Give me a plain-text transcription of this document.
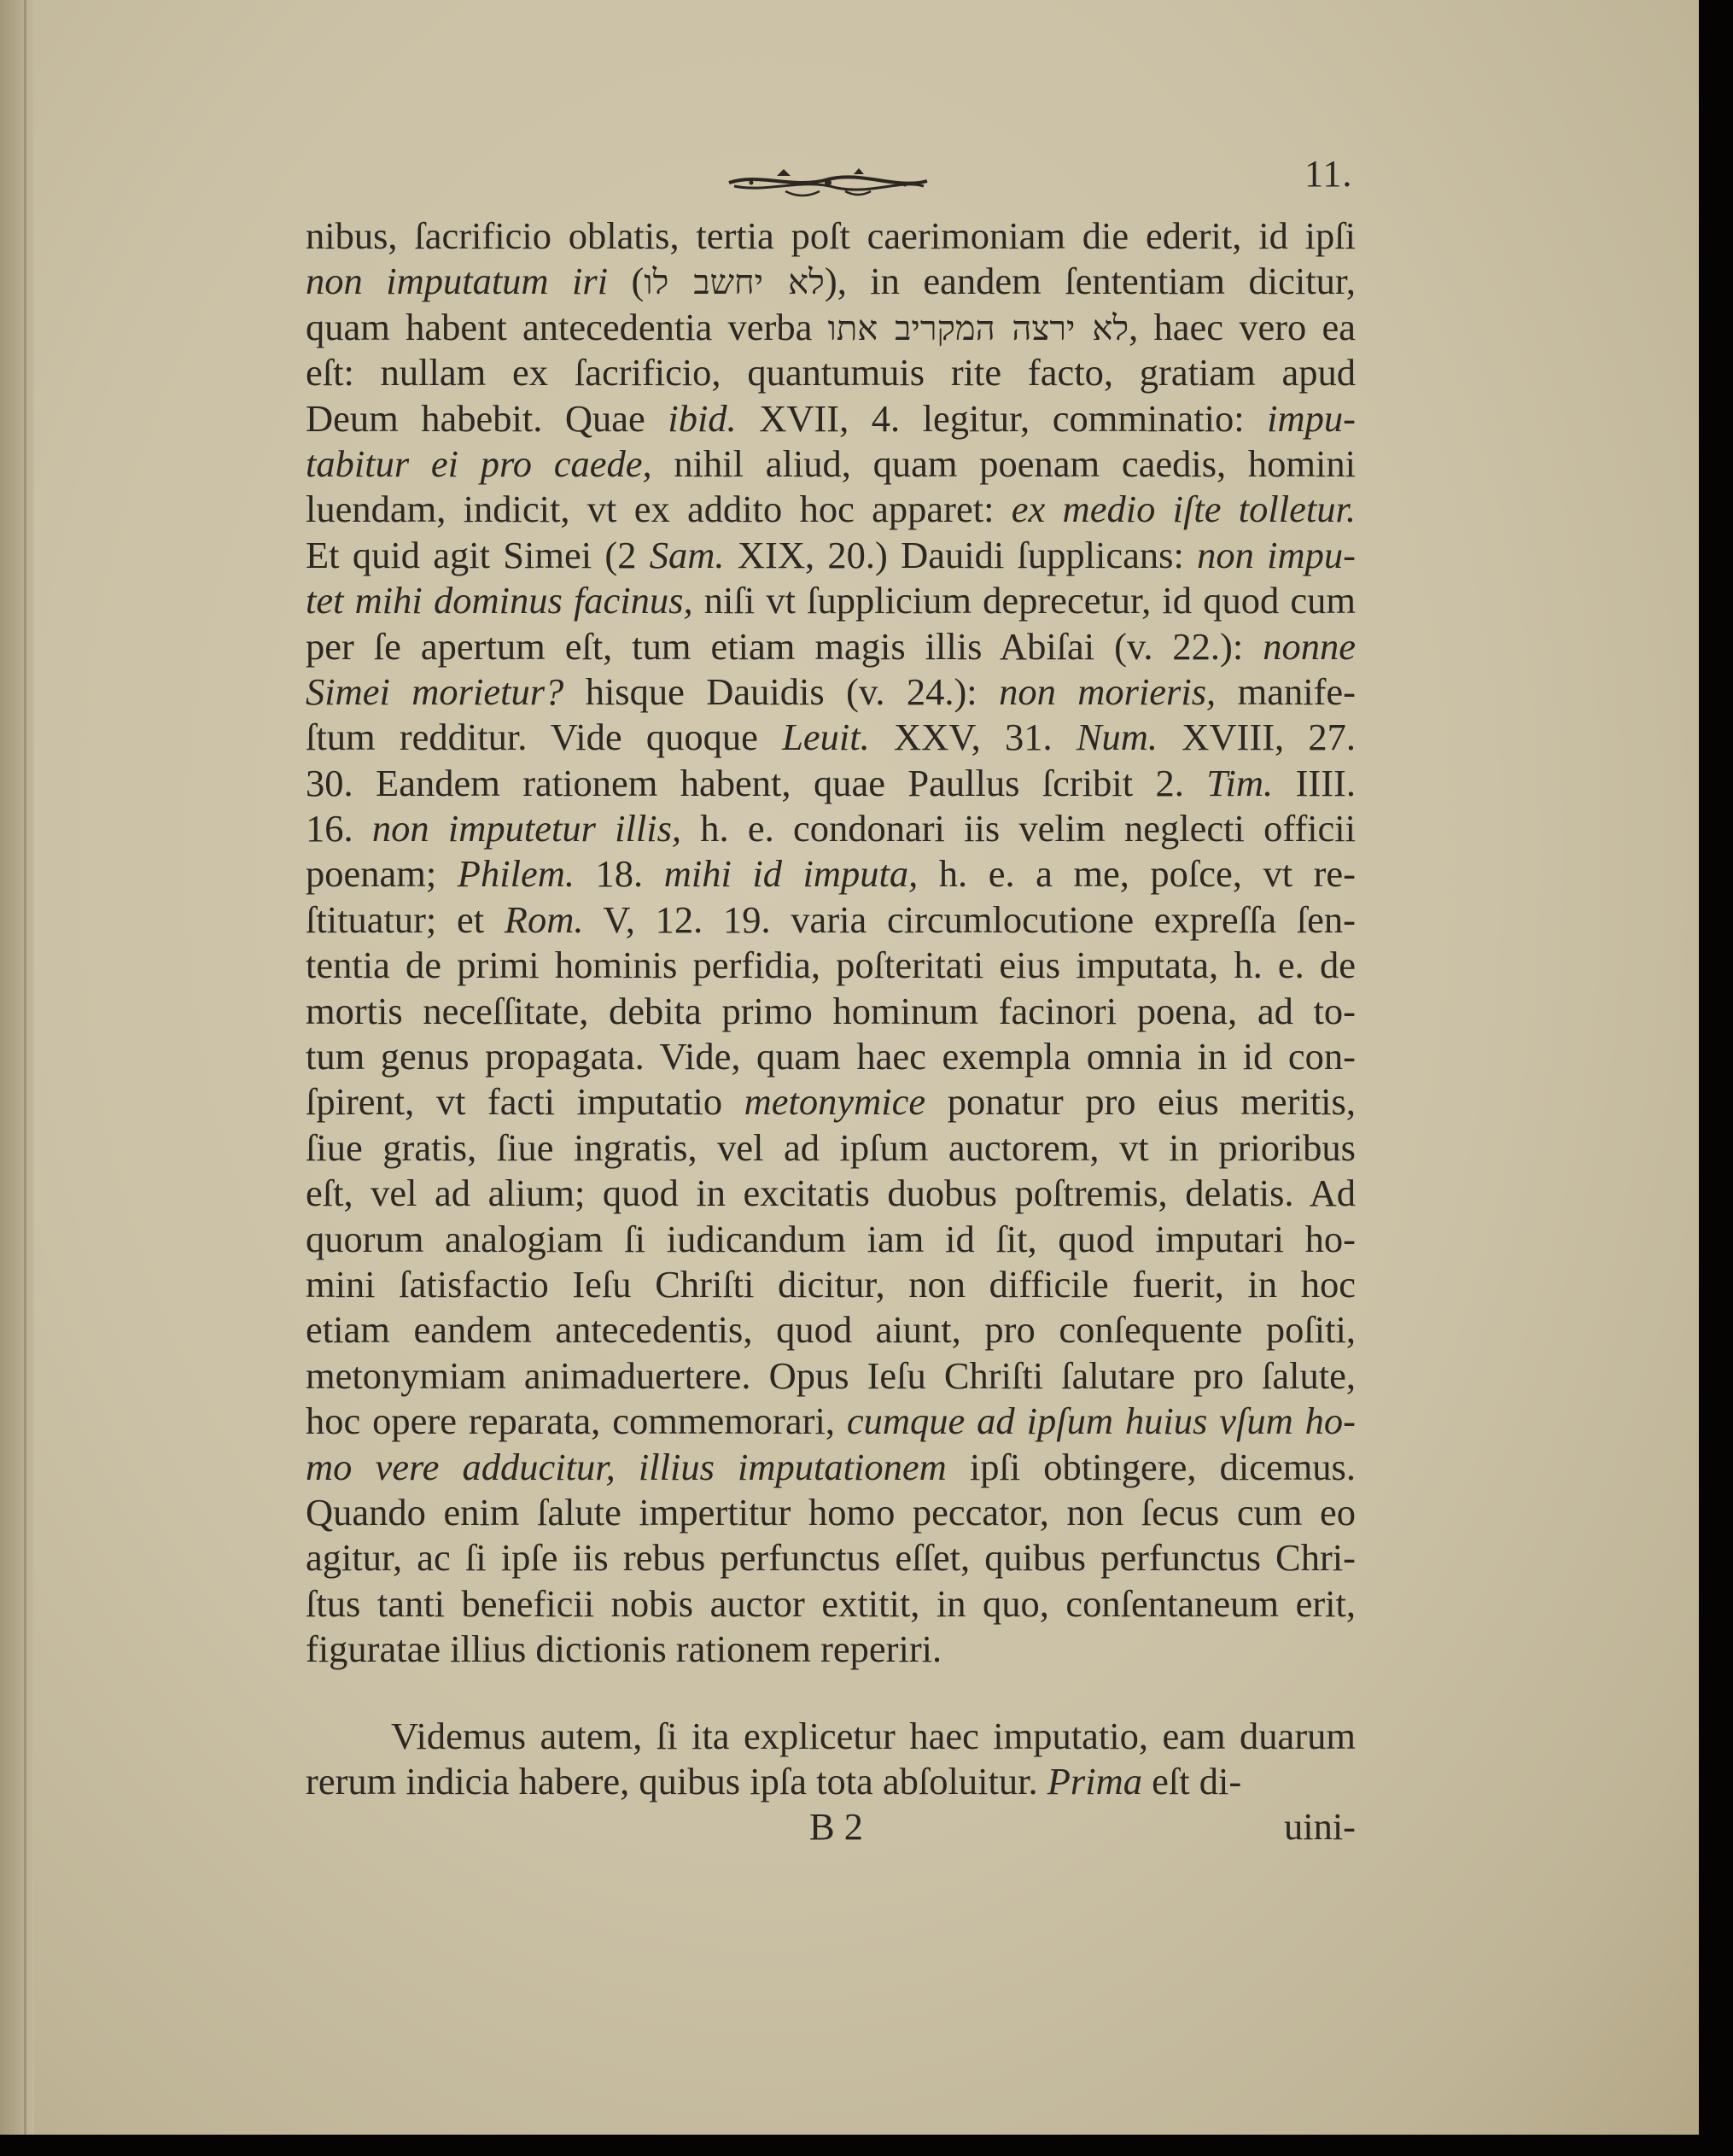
11.
nibus, ſacrificio oblatis, tertia poſt caerimoniam die ederit, id ipſi
non imputatum iri (לא יחשב לו), in eandem ſententiam dicitur,
quam habent antecedentia verba לא ירצה המקריב אתו, haec vero ea
eſt: nullam ex ſacrificio, quantumuis rite facto, gratiam apud
Deum habebit. Quae ibid. XVII, 4. legitur, comminatio: impu-
tabitur ei pro caede, nihil aliud, quam poenam caedis, homini
luendam, indicit, vt ex addito hoc apparet: ex medio iſte tolletur.
Et quid agit Simei (2 Sam. XIX, 20.) Dauidi ſupplicans: non impu-
tet mihi dominus facinus, niſi vt ſupplicium deprecetur, id quod cum
per ſe apertum eſt, tum etiam magis illis Abiſai (v. 22.): nonne
Simei morietur? hisque Dauidis (v. 24.): non morieris, manife-
ſtum redditur. Vide quoque Leuit. XXV, 31. Num. XVIII, 27.
30. Eandem rationem habent, quae Paullus ſcribit 2. Tim. IIII.
16. non imputetur illis, h. e. condonari iis velim neglecti officii
poenam; Philem. 18. mihi id imputa, h. e. a me, poſce, vt re-
ſtituatur; et Rom. V, 12. 19. varia circumlocutione expreſſa ſen-
tentia de primi hominis perfidia, poſteritati eius imputata, h. e. de
mortis neceſſitate, debita primo hominum facinori poena, ad to-
tum genus propagata. Vide, quam haec exempla omnia in id con-
ſpirent, vt facti imputatio metonymice ponatur pro eius meritis,
ſiue gratis, ſiue ingratis, vel ad ipſum auctorem, vt in prioribus
eſt, vel ad alium; quod in excitatis duobus poſtremis, delatis. Ad
quorum analogiam ſi iudicandum iam id ſit, quod imputari ho-
mini ſatisfactio Ieſu Chriſti dicitur, non difficile fuerit, in hoc
etiam eandem antecedentis, quod aiunt, pro conſequente poſiti,
metonymiam animaduertere. Opus Ieſu Chriſti ſalutare pro ſalute,
hoc opere reparata, commemorari, cumque ad ipſum huius vſum ho-
mo vere adducitur, illius imputationem ipſi obtingere, dicemus.
Quando enim ſalute impertitur homo peccator, non ſecus cum eo
agitur, ac ſi ipſe iis rebus perfunctus eſſet, quibus perfunctus Chri-
ſtus tanti beneficii nobis auctor extitit, in quo, conſentaneum erit,
figuratae illius dictionis rationem reperiri.
Videmus autem, ſi ita explicetur haec imputatio, eam duarum
rerum indicia habere, quibus ipſa tota abſoluitur. Prima eſt di-
B 2	uini-
